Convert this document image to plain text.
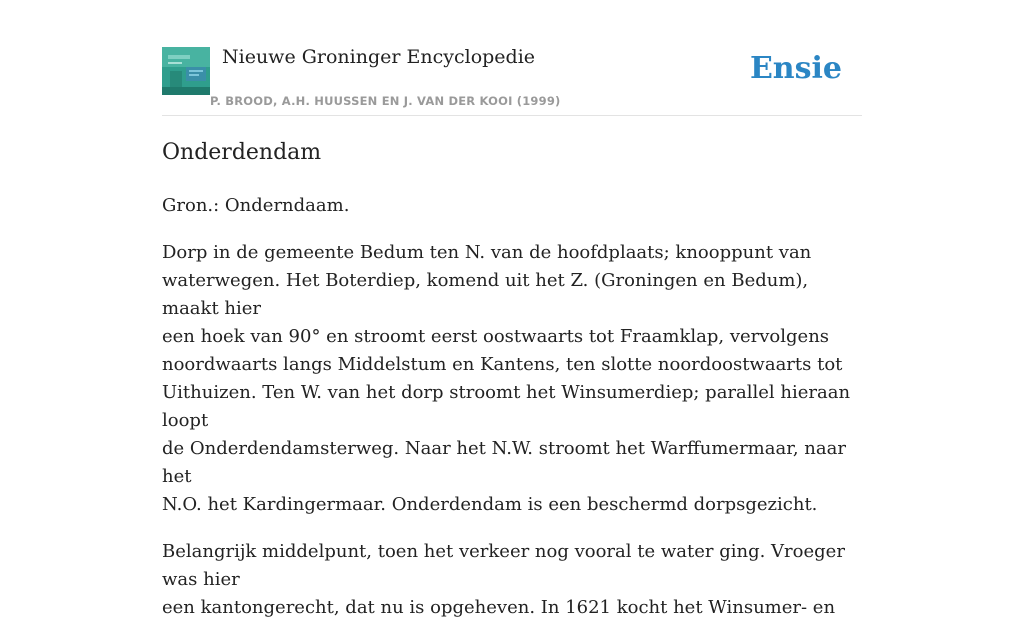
Nieuwe Groninger Encyclopedie
P. BROOD, A.H. HUUSSEN EN J. VAN DER KOOI (1999)
Ensie
Onderdendam

Gron.: Onderndaam.

Dorp in de gemeente Bedum ten N. van de hoofdplaats; knooppunt van
waterwegen. Het Boterdiep, komend uit het Z. (Groningen en Bedum), maakt hier
een hoek van 90° en stroomt eerst oostwaarts tot Fraamklap, vervolgens
noordwaarts langs Middelstum en Kantens, ten slotte noordoostwaarts tot
Uithuizen. Ten W. van het dorp stroomt het Winsumerdiep; parallel hieraan loopt
de Onderdendamsterweg. Naar het N.W. stroomt het Warffumermaar, naar het
N.O. het Kardingermaar. Onderdendam is een beschermd dorpsgezicht.

Belangrijk middelpunt, toen het verkeer nog vooral te water ging. Vroeger was hier
een kantongerecht, dat nu is opgeheven. In 1621 kocht het Winsumer- en
